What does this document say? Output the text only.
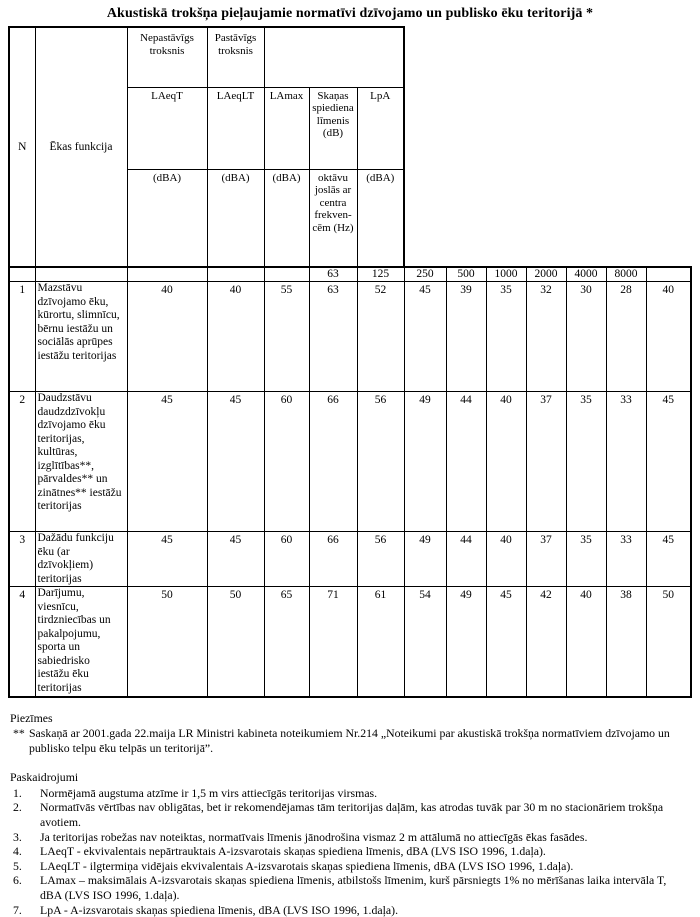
Akustiskā trokšņa pieļaujamie normatīvi dzīvojamo un publisko ēku teritorijā *
N	Ēkas funkcija	Nepastāvīgs troksnis	Pastāvīgs troksnis										
		LAeqT	LAeqLT	LAmax	Skaņas spiediena līmenis (dB)	LpA							
		(dBA)	(dBA)	(dBA)	oktāvu joslās ar centra frekven-cēm (Hz)	(dBA)							
					63	125	250	500	1000	2000	4000	8000	
1	Mazstāvu dzīvojamo ēku, kūrortu, slimnīcu, bērnu iestāžu un sociālās aprūpes iestāžu teritorijas	40	40	55	63	52	45	39	35	32	30	28	40
2	Daudzstāvu daudzdzīvokļu dzīvojamo ēku teritorijas, kultūras, izglītības**, pārvaldes** un zinātnes** iestāžu teritorijas	45	45	60	66	56	49	44	40	37	35	33	45
3	Dažādu funkciju ēku (ar dzīvokļiem) teritorijas	45	45	60	66	56	49	44	40	37	35	33	45
4	Darījumu, viesnīcu, tirdzniecības un pakalpojumu, sporta un sabiedrisko iestāžu ēku teritorijas	50	50	65	71	61	54	49	45	42	40	38	50
Piezīmes
** Saskaņā ar 2001.gada 22.maija LR Ministri kabineta noteikumiem Nr.214 „Noteikumi par akustiskā trokšņa normatīviem dzīvojamo un publisko telpu ēku telpās un teritorijā”.
Paskaidrojumi
1.	Normējamā augstuma atzīme ir 1,5 m virs attiecīgās teritorijas virsmas.
2.	Normatīvās vērtības nav obligātas, bet ir rekomendējamas tām teritorijas daļām, kas atrodas tuvāk par 30 m no stacionāriem trokšņa avotiem.
3.	Ja teritorijas robežas nav noteiktas, normatīvais līmenis jānodrošina vismaz 2 m attālumā no attiecīgās ēkas fasādes.
4.	LAeqT - ekvivalentais nepārtrauktais A-izsvarotais skaņas spiediena līmenis, dBA (LVS ISO 1996, 1.daļa).
5.	LAeqLT - ilgtermiņa vidējais ekvivalentais A-izsvarotais skaņas spiediena līmenis, dBA (LVS ISO 1996, 1.daļa).
6.	LAmax – maksimālais A-izsvarotais skaņas spiediena līmenis, atbilstošs līmenim, kurš pārsniegts 1% no mērīšanas laika intervāla T, dBA (LVS ISO 1996, 1.daļa).
7.	LpA - A-izsvarotais skaņas spiediena līmenis, dBA (LVS ISO 1996, 1.daļa).
